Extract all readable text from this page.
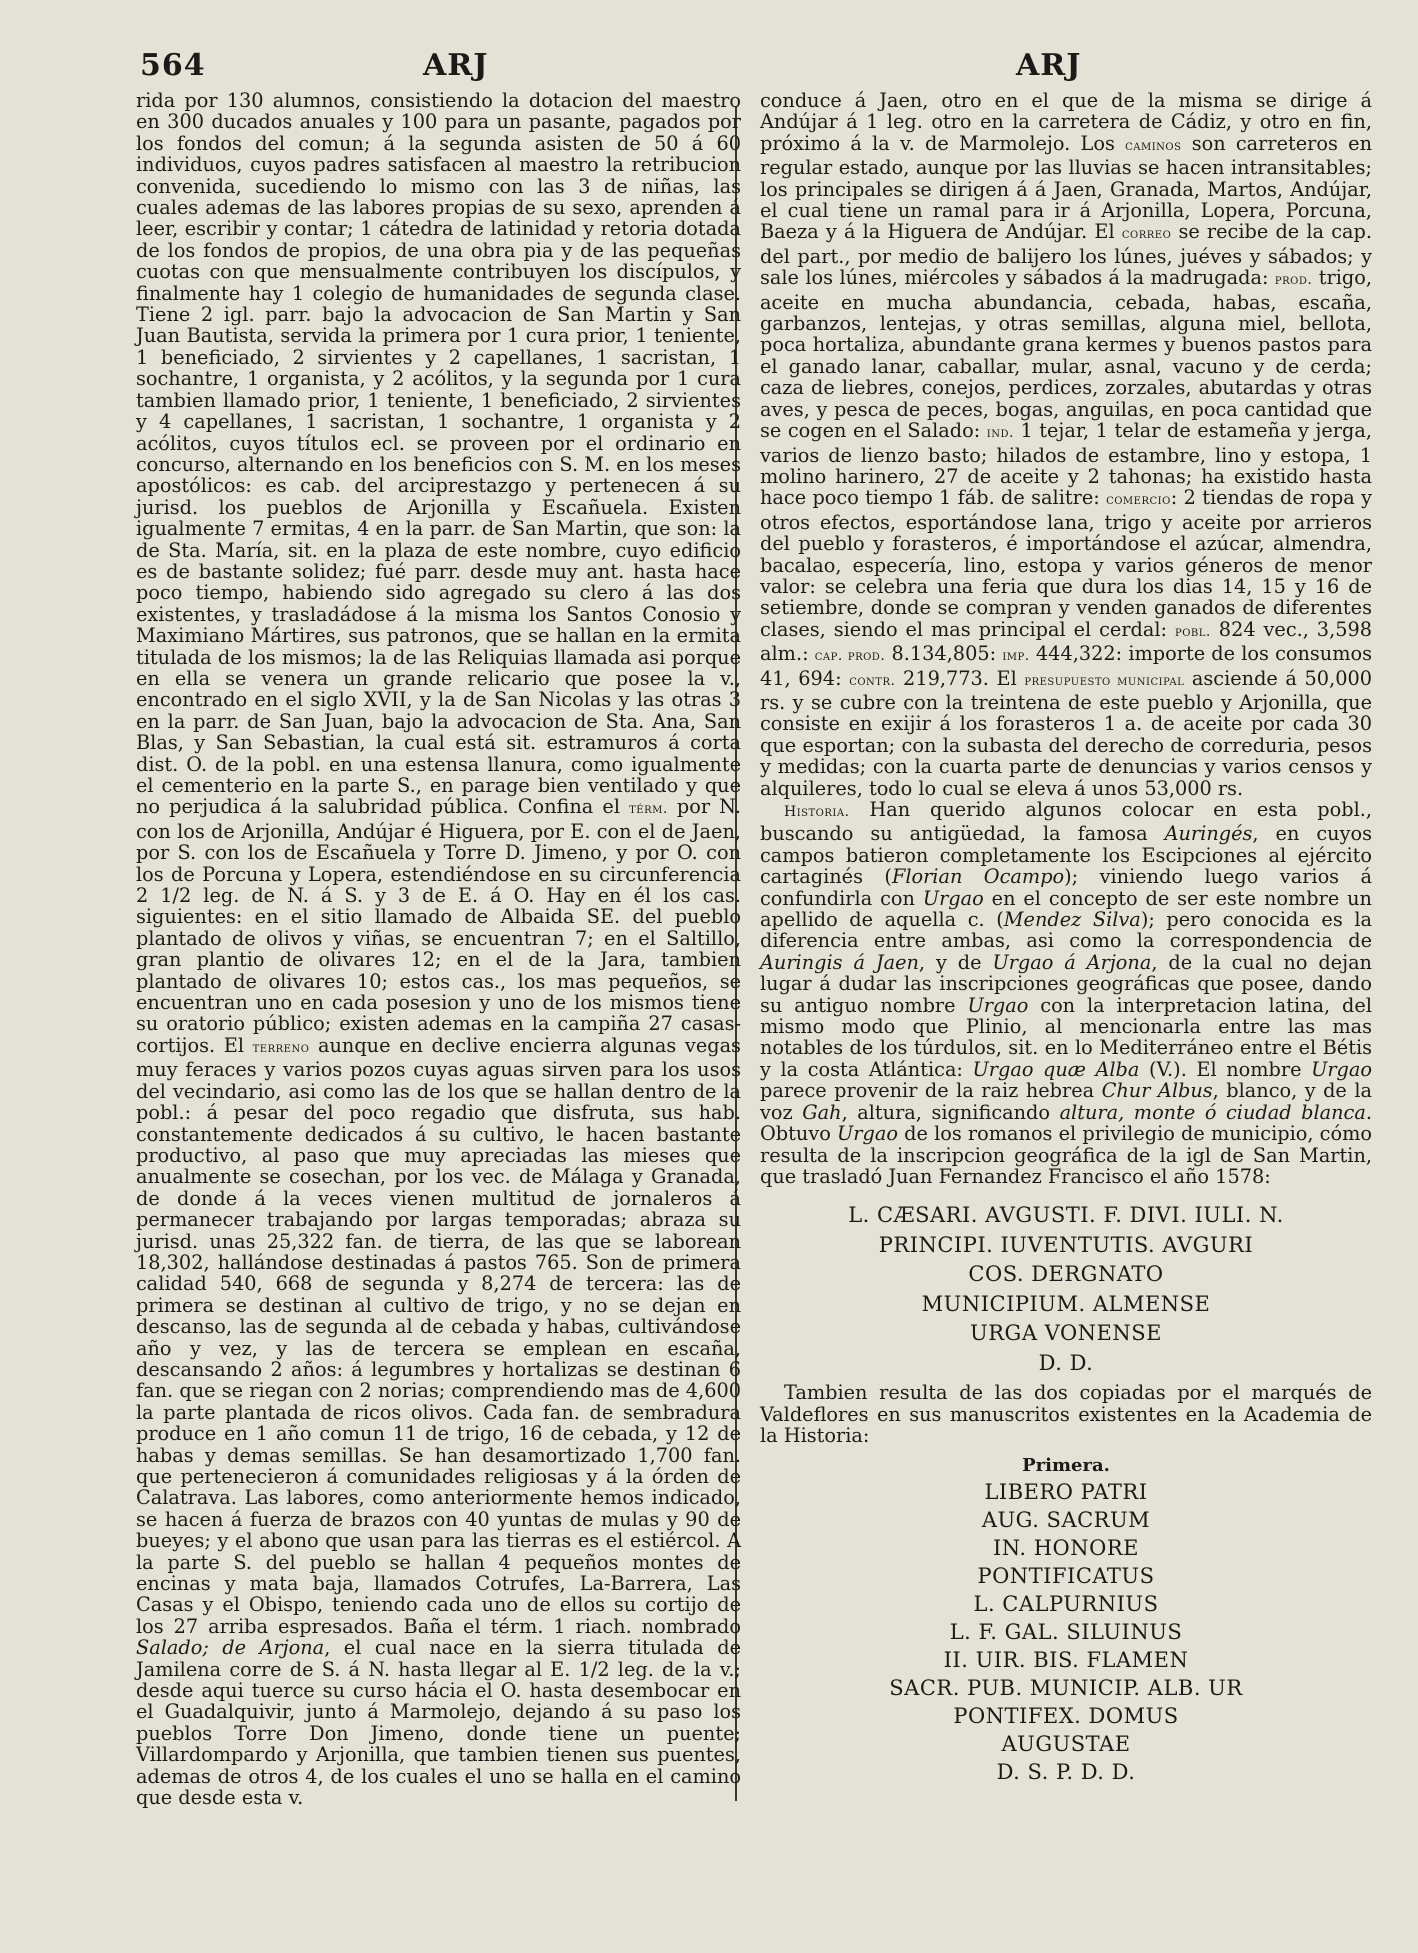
564	ARJ	ARJ

rida por 130 alumnos, consistiendo la dotacion del maestro en 300 ducados anuales y 100 para un pasante, pagados por los fondos del comun; á la segunda asisten de 50 á 60 individuos, cuyos padres satisfacen al maestro la retribucion convenida, sucediendo lo mismo con las 3 de niñas, las cuales ademas de las labores propias de su sexo, aprenden á leer, escribir y contar; 1 cátedra de latinidad y retoria dotada de los fondos de propios, de una obra pia y de las pequeñas cuotas con que mensualmente contribuyen los discípulos, y finalmente hay 1 colegio de humanidades de segunda clase. Tiene 2 igl. parr. bajo la advocacion de San Martin y San Juan Bautista, servida la primera por 1 cura prior, 1 teniente, 1 beneficiado, 2 sirvientes y 2 capellanes, 1 sacristan, 1 sochantre, 1 organista, y 2 acólitos, y la segunda por 1 cura tambien llamado prior, 1 teniente, 1 beneficiado, 2 sirvientes y 4 capellanes, 1 sacristan, 1 sochantre, 1 organista y 2 acólitos, cuyos títulos ecl. se proveen por el ordinario en concurso, alternando en los beneficios con S. M. en los meses apostólicos: es cab. del arciprestazgo y pertenecen á su jurisd. los pueblos de Arjonilla y Escañuela. Existen igualmente 7 ermitas, 4 en la parr. de San Martin, que son: la de Sta. María, sit. en la plaza de este nombre, cuyo edificio es de bastante solidez; fué parr. desde muy ant. hasta hace poco tiempo, habiendo sido agregado su clero á las dos existentes, y trasladádose á la misma los Santos Conosio y Maximiano Mártires, sus patronos, que se hallan en la ermita titulada de los mismos; la de las Reliquias llamada asi porque en ella se venera un grande relicario que posee la v., encontrado en el siglo XVII, y la de San Nicolas y las otras 3 en la parr. de San Juan, bajo la advocacion de Sta. Ana, San Blas, y San Sebastian, la cual está sit. estramuros á corta dist. O. de la pobl. en una estensa llanura, como igualmente el cementerio en la parte S., en parage bien ventilado y que no perjudica á la salubridad pública. Confina el térm. por N. con los de Arjonilla, Andújar é Higuera, por E. con el de Jaen, por S. con los de Escañuela y Torre D. Jimeno, y por O. con los de Porcuna y Lopera, estendiéndose en su circunferencia 2 1/2 leg. de N. á S. y 3 de E. á O. Hay en él los cas. siguientes: en el sitio llamado de Albaida SE. del pueblo plantado de olivos y viñas, se encuentran 7; en el Saltillo, gran plantio de olivares 12; en el de la Jara, tambien plantado de olivares 10; estos cas., los mas pequeños, se encuentran uno en cada posesion y uno de los mismos tiene su oratorio público; existen ademas en la campiña 27 casas-cortijos. El terreno aunque en declive encierra algunas vegas muy feraces y varios pozos cuyas aguas sirven para los usos del vecindario, asi como las de los que se hallan dentro de la pobl.: á pesar del poco regadio que disfruta, sus hab. constantemente dedicados á su cultivo, le hacen bastante productivo, al paso que muy apreciadas las mieses que anualmente se cosechan, por los vec. de Málaga y Granada, de donde á la veces vienen multitud de jornaleros á permanecer trabajando por largas temporadas; abraza su jurisd. unas 25,322 fan. de tierra, de las que se laborean 18,302, hallándose destinadas á pastos 765. Son de primera calidad 540, 668 de segunda y 8,274 de tercera: las de primera se destinan al cultivo de trigo, y no se dejan en descanso, las de segunda al de cebada y habas, cultivándose año y vez, y las de tercera se emplean en escaña, descansando 2 años: á legumbres y hortalizas se destinan 6 fan. que se riegan con 2 norias; comprendiendo mas de 4,600 la parte plantada de ricos olivos. Cada fan. de sembradura produce en 1 año comun 11 de trigo, 16 de cebada, y 12 de habas y demas semillas. Se han desamortizado 1,700 fan. que pertenecieron á comunidades religiosas y á la órden de Calatrava. Las labores, como anteriormente hemos indicado, se hacen á fuerza de brazos con 40 yuntas de mulas y 90 de bueyes; y el abono que usan para las tierras es el estiércol. A la parte S. del pueblo se hallan 4 pequeños montes de encinas y mata baja, llamados Cotrufes, La-Barrera, Las Casas y el Obispo, teniendo cada uno de ellos su cortijo de los 27 arriba espresados. Baña el térm. 1 riach. nombrado Salado; de Arjona, el cual nace en la sierra titulada de Jamilena corre de S. á N. hasta llegar al E. 1/2 leg. de la v.; desde aqui tuerce su curso hácia el O. hasta desembocar en el Guadalquivir, junto á Marmolejo, dejando á su paso los pueblos Torre Don Jimeno, donde tiene un puente; Villardompardo y Arjonilla, que tambien tienen sus puentes, ademas de otros 4, de los cuales el uno se halla en el camino que desde esta v.

conduce á Jaen, otro en el que de la misma se dirige á Andújar á 1 leg. otro en la carretera de Cádiz, y otro en fin, próximo á la v. de Marmolejo. Los caminos son carreteros en regular estado, aunque por las lluvias se hacen intransitables; los principales se dirigen á á Jaen, Granada, Martos, Andújar, el cual tiene un ramal para ir á Arjonilla, Lopera, Porcuna, Baeza y á la Higuera de Andújar. El correo se recibe de la cap. del part., por medio de balijero los lúnes, juéves y sábados; y sale los lúnes, miércoles y sábados á la madrugada: prod. trigo, aceite en mucha abundancia, cebada, habas, escaña, garbanzos, lentejas, y otras semillas, alguna miel, bellota, poca hortaliza, abundante grana kermes y buenos pastos para el ganado lanar, caballar, mular, asnal, vacuno y de cerda; caza de liebres, conejos, perdices, zorzales, abutardas y otras aves, y pesca de peces, bogas, anguilas, en poca cantidad que se cogen en el Salado: ind. 1 tejar, 1 telar de estameña y jerga, varios de lienzo basto; hilados de estambre, lino y estopa, 1 molino harinero, 27 de aceite y 2 tahonas; ha existido hasta hace poco tiempo 1 fáb. de salitre: comercio: 2 tiendas de ropa y otros efectos, esportándose lana, trigo y aceite por arrieros del pueblo y forasteros, é importándose el azúcar, almendra, bacalao, especería, lino, estopa y varios géneros de menor valor: se celebra una feria que dura los dias 14, 15 y 16 de setiembre, donde se compran y venden ganados de diferentes clases, siendo el mas principal el cerdal: pobl. 824 vec., 3,598 alm.: cap. prod. 8.134,805: imp. 444,322: importe de los consumos 41, 694: contr. 219,773. El presupuesto municipal asciende á 50,000 rs. y se cubre con la treintena de este pueblo y Arjonilla, que consiste en exijir á los forasteros 1 a. de aceite por cada 30 que esportan; con la subasta del derecho de correduria, pesos y medidas; con la cuarta parte de denuncias y varios censos y alquileres, todo lo cual se eleva á unos 53,000 rs.

Historia. Han querido algunos colocar en esta pobl., buscando su antigüedad, la famosa Auringés, en cuyos campos batieron completamente los Escipciones al ejército cartaginés (Florian Ocampo); viniendo luego varios á confundirla con Urgao en el concepto de ser este nombre un apellido de aquella c. (Mendez Silva); pero conocida es la diferencia entre ambas, asi como la correspondencia de Auringis á Jaen, y de Urgao á Arjona, de la cual no dejan lugar á dudar las inscripciones geográficas que posee, dando su antiguo nombre Urgao con la interpretacion latina, del mismo modo que Plinio, al mencionarla entre las mas notables de los túrdulos, sit. en lo Mediterráneo entre el Bétis y la costa Atlántica: Urgao quæ Alba (V.). El nombre Urgao parece provenir de la raiz hebrea Chur Albus, blanco, y de la voz Gah, altura, significando altura, monte ó ciudad blanca. Obtuvo Urgao de los romanos el privilegio de municipio, cómo resulta de la inscripcion geográfica de la igl de San Martin, que trasladó Juan Fernandez Francisco el año 1578:

L. CÆSARI. AVGUSTI. F. DIVI. IULI. N.
PRINCIPI. IUVENTUTIS. AVGURI
COS. DERGNATO
MUNICIPIUM. ALMENSE
URGA VONENSE
D. D.

Tambien resulta de las dos copiadas por el marqués de Valdeflores en sus manuscritos existentes en la Academia de la Historia:

Primera.
LIBERO PATRI
AUG. SACRUM
IN. HONORE
PONTIFICATUS
L. CALPURNIUS
L. F. GAL. SILUINUS
II. UIR. BIS. FLAMEN
SACR. PUB. MUNICIP. ALB. UR
PONTIFEX. DOMUS
AUGUSTAE
D. S. P. D. D.
